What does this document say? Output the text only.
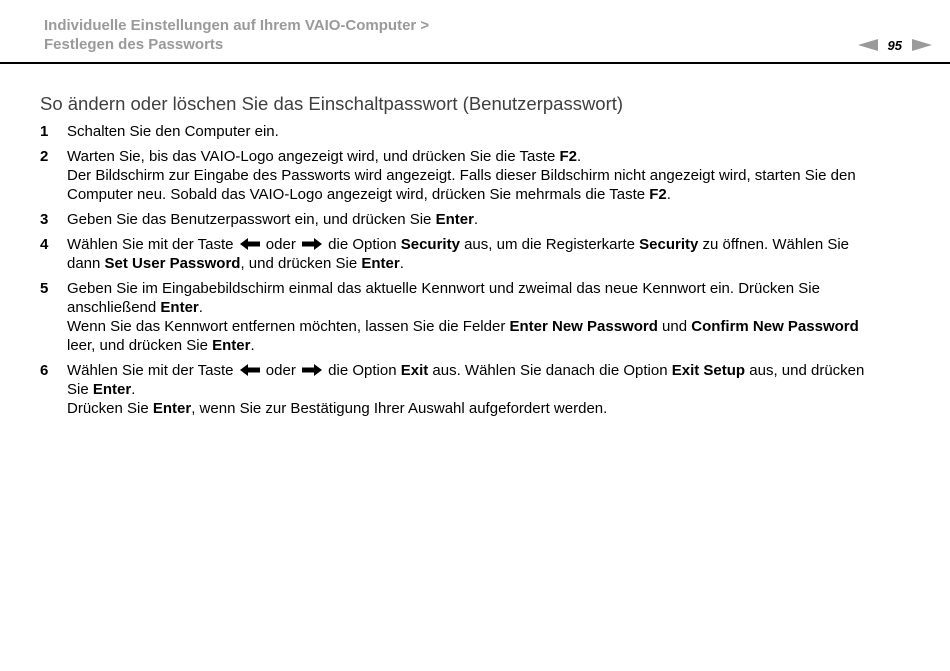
Individuelle Einstellungen auf Ihrem VAIO-Computer >
Festlegen des Passworts	95
So ändern oder löschen Sie das Einschaltpasswort (Benutzerpasswort)
1	Schalten Sie den Computer ein.
2	Warten Sie, bis das VAIO-Logo angezeigt wird, und drücken Sie die Taste F2.
Der Bildschirm zur Eingabe des Passworts wird angezeigt. Falls dieser Bildschirm nicht angezeigt wird, starten Sie den
Computer neu. Sobald das VAIO-Logo angezeigt wird, drücken Sie mehrmals die Taste F2.
3	Geben Sie das Benutzerpasswort ein, und drücken Sie Enter.
4	Wählen Sie mit der Taste  oder  die Option Security aus, um die Registerkarte Security zu öffnen. Wählen Sie
dann Set User Password, und drücken Sie Enter.
5	Geben Sie im Eingabebildschirm einmal das aktuelle Kennwort und zweimal das neue Kennwort ein. Drücken Sie
anschließend Enter.
Wenn Sie das Kennwort entfernen möchten, lassen Sie die Felder Enter New Password und Confirm New Password
leer, und drücken Sie Enter.
6	Wählen Sie mit der Taste  oder  die Option Exit aus. Wählen Sie danach die Option Exit Setup aus, und drücken
Sie Enter.
Drücken Sie Enter, wenn Sie zur Bestätigung Ihrer Auswahl aufgefordert werden.
